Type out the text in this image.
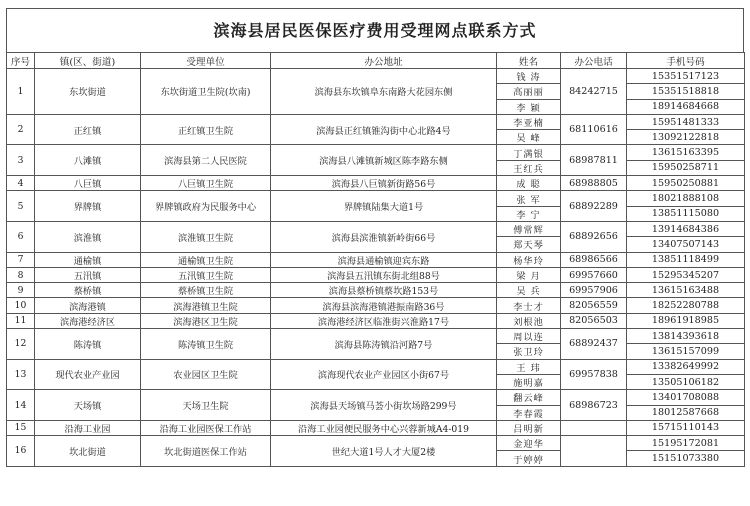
滨海县居民医保医疗费用受理网点联系方式
序号	镇(区、街道)	受理单位	办公地址	姓名	办公电话	手机号码
1	东坎街道	东坎街道卫生院(坎南)	滨海县东坎镇阜东南路大花园东侧	钱 涛	84242715	15351517123
				高丽丽		15351518818
				李 颖		18914684668
2	正红镇	正红镇卫生院	滨海县正红镇锥沟街中心北路4号	李亚楠	68110616	15951481333
				吴 峰		13092122818
3	八滩镇	滨海县第二人民医院	滨海县八滩镇新城区陈李路东侧	丁满银	68987811	13615163395
				王红兵		15950258711
4	八巨镇	八巨镇卫生院	滨海县八巨镇新街路56号	成 聪	68988805	15950250881
5	界牌镇	界牌镇政府为民服务中心	界牌镇陆集大道1号	张 军	68892289	18021888108
				李 宁		13851115080
6	滨淮镇	滨淮镇卫生院	滨海县滨淮镇新岭街66号	傅常辉	68892656	13914684386
				郑天琴		13407507143
7	通榆镇	通榆镇卫生院	滨海县通榆镇迎宾东路	杨华玲	68986566	13851118499
8	五汛镇	五汛镇卫生院	滨海县五汛镇东街北组88号	梁 月	69957660	15295345207
9	蔡桥镇	蔡桥镇卫生院	滨海县蔡桥镇蔡坎路153号	吴 兵	69957906	13615163488
10	滨海港镇	滨海港镇卫生院	滨海县滨海港镇港振南路36号	李士才	82056559	18252280788
11	滨海港经济区	滨海港区卫生院	滨海港经济区临淮街兴淮路17号	刘根池	82056503	18961918985
12	陈涛镇	陈涛镇卫生院	滨海县陈涛镇沿河路7号	周以连	68892437	13814393618
				张卫玲		13615157099
13	现代农业产业园	农业园区卫生院	滨海现代农业产业园区小街67号	王 玮	69957838	13382649992
				施明嘉		13505106182
14	天场镇	天场卫生院	滨海县天场镇马荟小街坎场路299号	翻云峰	68986723	13401708088
				李春霞		18012587668
15	沿海工业园	沿海工业园医保工作站	沿海工业园便民服务中心兴蓉新城A4-019	吕明新		15715110143
16	坎北街道	坎北街道医保工作站	世纪大道1号人才大厦2楼	金迎华		15195172081
				于婷婷		15151073380
